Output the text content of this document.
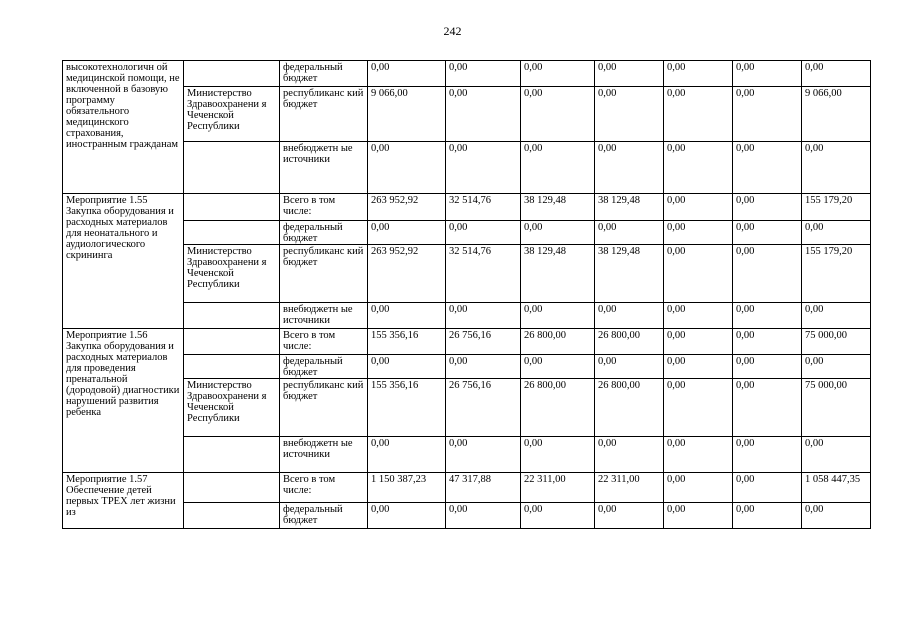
242
высокотехнологичн ой медицинской помощи, не включенной в базовую программу обязательного медицинского страхования, иностранным гражданам		федеральный бюджет	0,00	0,00	0,00	0,00	0,00	0,00	0,00
	Министерство Здравоохранени я Чеченской Республики	республиканс кий бюджет	9 066,00	0,00	0,00	0,00	0,00	0,00	9 066,00
		внебюджетн ые источники	0,00	0,00	0,00	0,00	0,00	0,00	0,00
Мероприятие 1.55 Закупка оборудования и расходных материалов для неонатального и аудиологического скрининга		Всего в том числе:	263 952,92	32 514,76	38 129,48	38 129,48	0,00	0,00	155 179,20
		федеральный бюджет	0,00	0,00	0,00	0,00	0,00	0,00	0,00
	Министерство Здравоохранени я Чеченской Республики	республиканс кий бюджет	263 952,92	32 514,76	38 129,48	38 129,48	0,00	0,00	155 179,20
		внебюджетн ые источники	0,00	0,00	0,00	0,00	0,00	0,00	0,00
Мероприятие 1.56 Закупка оборудования и расходных материалов для проведения пренатальной (дородовой) диагностики нарушений развития ребенка		Всего в том числе:	155 356,16	26 756,16	26 800,00	26 800,00	0,00	0,00	75 000,00
		федеральный бюджет	0,00	0,00	0,00	0,00	0,00	0,00	0,00
	Министерство Здравоохранени я Чеченской Республики	республиканс кий бюджет	155 356,16	26 756,16	26 800,00	26 800,00	0,00	0,00	75 000,00
		внебюджетн ые источники	0,00	0,00	0,00	0,00	0,00	0,00	0,00
Мероприятие 1.57 Обеспечение детей первых ТРЕХ лет жизни из		Всего в том числе:	1 150 387,23	47 317,88	22 311,00	22 311,00	0,00	0,00	1 058 447,35
		федеральный бюджет	0,00	0,00	0,00	0,00	0,00	0,00	0,00
